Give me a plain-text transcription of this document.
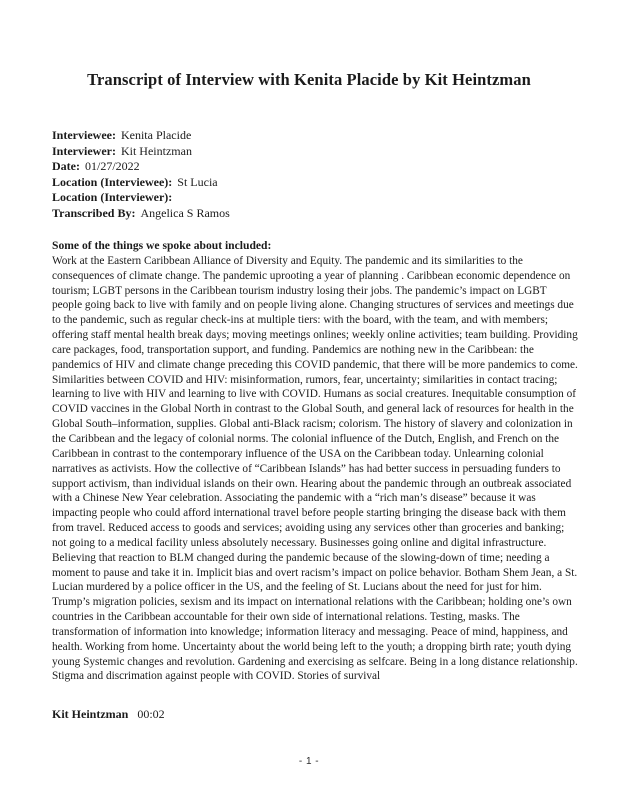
Transcript of Interview with Kenita Placide by Kit Heintzman
Interviewee: Kenita Placide
Interviewer: Kit Heintzman
Date: 01/27/2022
Location (Interviewee): St Lucia
Location (Interviewer):
Transcribed By: Angelica S Ramos
Some of the things we spoke about included:
Work at the Eastern Caribbean Alliance of Diversity and Equity. The pandemic and its similarities to the consequences of climate change. The pandemic uprooting a year of planning . Caribbean economic dependence on tourism; LGBT persons in the Caribbean tourism industry losing their jobs. The pandemic’s impact on LGBT people going back to live with family and on people living alone. Changing structures of services and meetings due to the pandemic, such as regular check-ins at multiple tiers: with the board, with the team, and with members; offering staff mental health break days; moving meetings onlines; weekly online activities; team building. Providing care packages, food, transportation support, and funding. Pandemics are nothing new in the Caribbean: the pandemics of HIV and climate change preceding this COVID pandemic, that there will be more pandemics to come. Similarities between COVID and HIV: misinformation, rumors, fear, uncertainty; similarities in contact tracing; learning to live with HIV and learning to live with COVID. Humans as social creatures. Inequitable consumption of COVID vaccines in the Global North in contrast to the Global South, and general lack of resources for health in the Global South–information, supplies. Global anti-Black racism; colorism. The history of slavery and colonization in the Caribbean and the legacy of colonial norms. The colonial influence of the Dutch, English, and French on the Caribbean in contrast to the contemporary influence of the USA on the Caribbean today. Unlearning colonial narratives as activists. How the collective of “Caribbean Islands” has had better success in persuading funders to support activism, than individual islands on their own. Hearing about the pandemic through an outbreak associated with a Chinese New Year celebration. Associating the pandemic with a “rich man’s disease” because it was impacting people who could afford international travel before people starting bringing the disease back with them from travel. Reduced access to goods and services; avoiding using any services other than groceries and banking; not going to a medical facility unless absolutely necessary. Businesses going online and digital infrastructure. Believing that reaction to BLM changed during the pandemic because of the slowing-down of time; needing a moment to pause and take it in. Implicit bias and overt racism’s impact on police behavior. Botham Shem Jean, a St. Lucian murdered by a police officer in the US, and the feeling of St. Lucians about the need for just for him. Trump’s migration policies, sexism and its impact on international relations with the Caribbean; holding one’s own countries in the Caribbean accountable for their own side of international relations. Testing, masks. The transformation of information into knowledge; information literacy and messaging. Peace of mind, happiness, and health. Working from home. Uncertainty about the world being left to the youth; a dropping birth rate; youth dying young Systemic changes and revolution. Gardening and exercising as selfcare. Being in a long distance relationship. Stigma and discrimation against people with COVID. Stories of survival
Kit Heintzman 00:02
- 1 -
